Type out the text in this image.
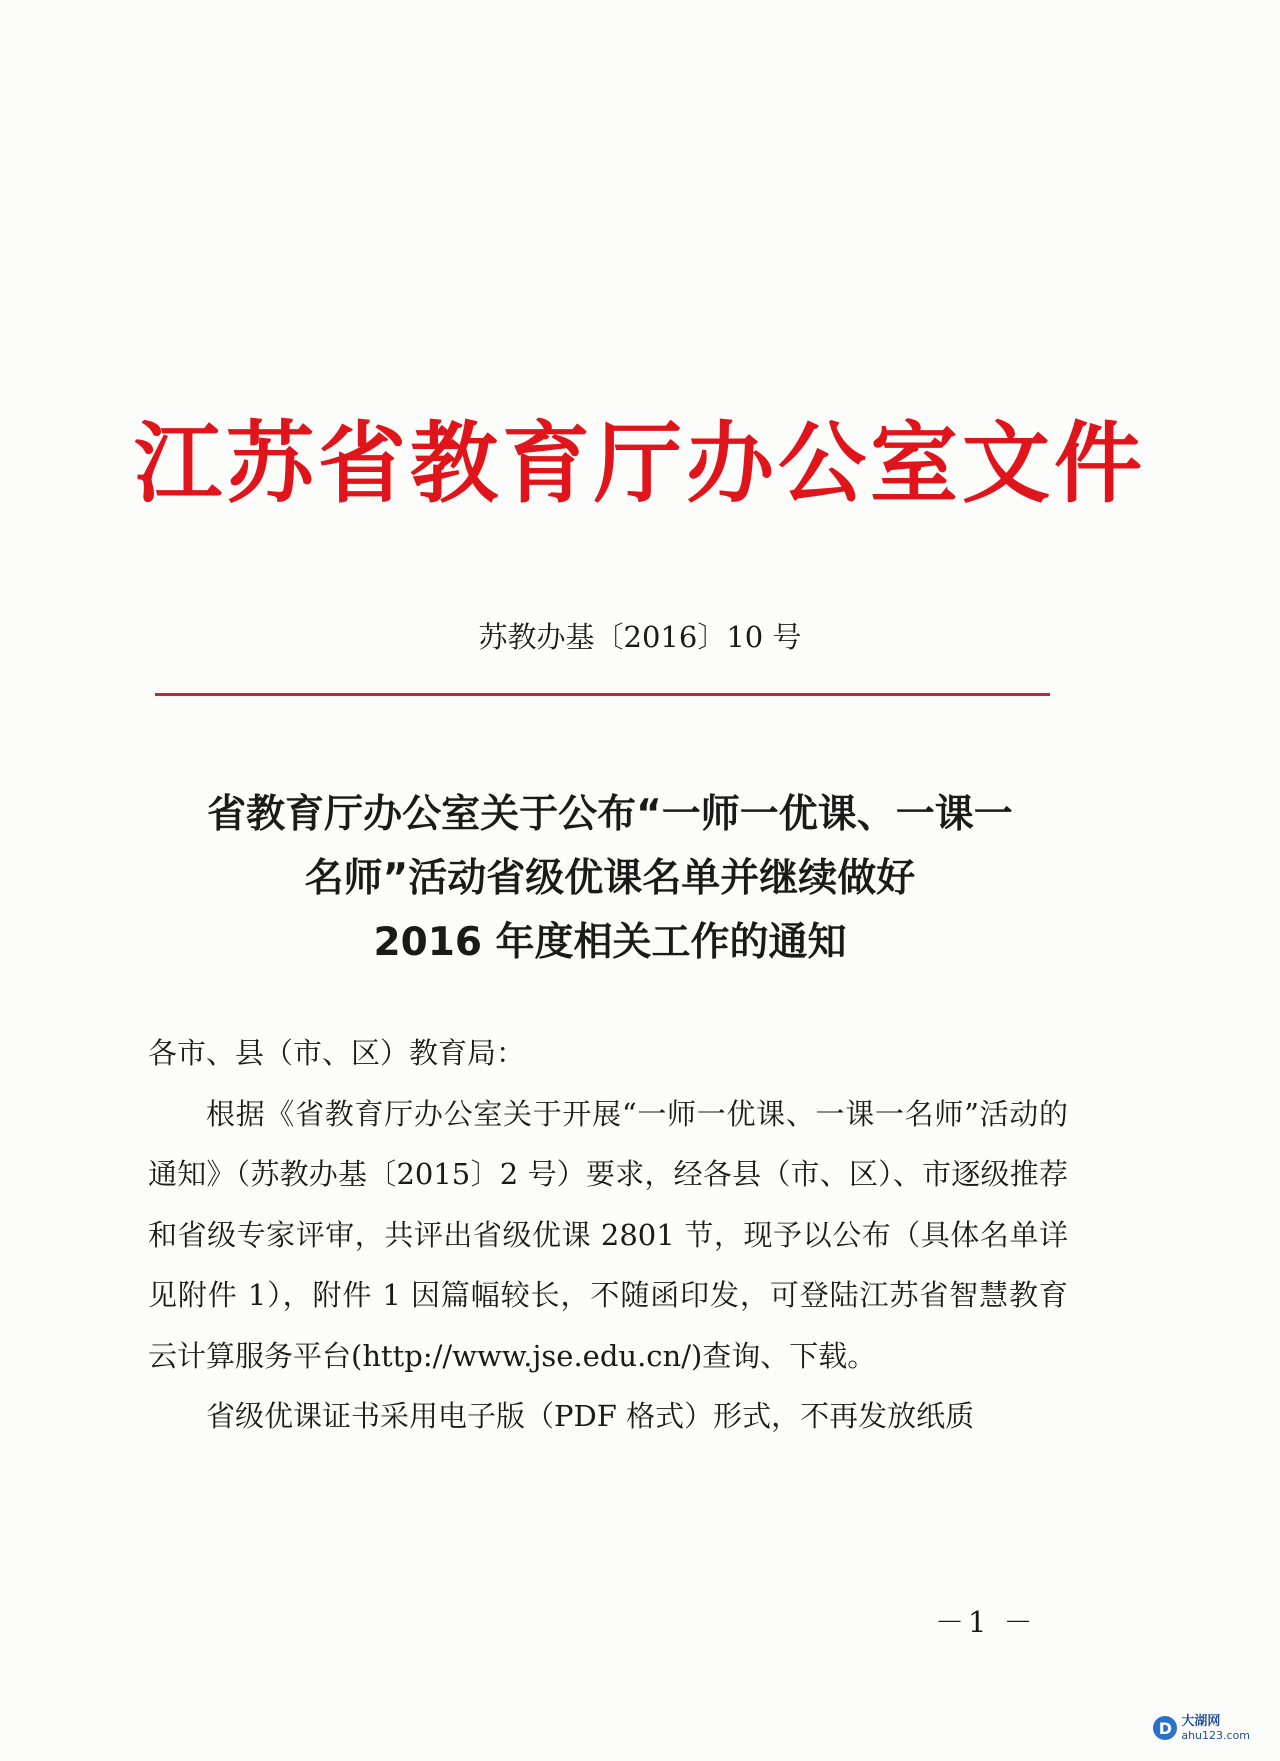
江苏省教育厅办公室文件
苏教办基〔2016〕10 号
省教育厅办公室关于公布“一师一优课、一课一
名师”活动省级优课名单并继续做好
2016 年度相关工作的通知

各市、县（市、区）教育局：

根据《省教育厅办公室关于开展“一师一优课、一课一名师”活动的通知》（苏教办基〔2015〕2 号）要求，经各县（市、区）、市逐级推荐和省级专家评审，共评出省级优课 2801 节，现予以公布（具体名单详见附件 1），附件 1 因篇幅较长，不随函印发，可登陆江苏省智慧教育云计算服务平台(http://www.jse.edu.cn/)查询、下载。

省级优课证书采用电子版（PDF 格式）形式，不再发放纸质

－1 －
D 大湖网
ahu123.com
